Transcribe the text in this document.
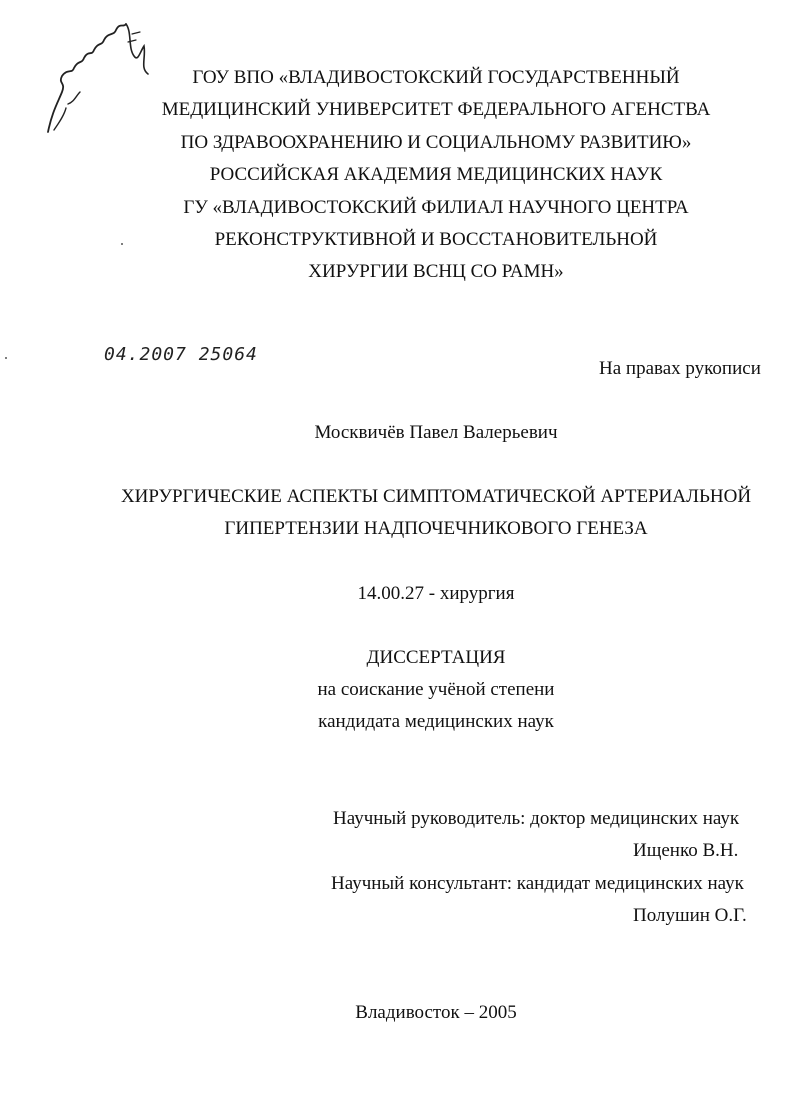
ГОУ ВПО «ВЛАДИВОСТОКСКИЙ ГОСУДАРСТВЕННЫЙ
МЕДИЦИНСКИЙ УНИВЕРСИТЕТ ФЕДЕРАЛЬНОГО АГЕНСТВА
ПО ЗДРАВООХРАНЕНИЮ И СОЦИАЛЬНОМУ РАЗВИТИЮ»
РОССИЙСКАЯ АКАДЕМИЯ МЕДИЦИНСКИХ НАУК
ГУ «ВЛАДИВОСТОКСКИЙ ФИЛИАЛ НАУЧНОГО ЦЕНТРА
РЕКОНСТРУКТИВНОЙ И ВОССТАНОВИТЕЛЬНОЙ
ХИРУРГИИ ВСНЦ СО РАМН»
04.2007 25064
На правах рукописи
Москвичёв Павел Валерьевич
ХИРУРГИЧЕСКИЕ АСПЕКТЫ СИМПТОМАТИЧЕСКОЙ АРТЕРИАЛЬНОЙ
ГИПЕРТЕНЗИИ НАДПОЧЕЧНИКОВОГО ГЕНЕЗА
14.00.27 - хирургия
ДИССЕРТАЦИЯ
на соискание учёной степени
кандидата медицинских наук
Научный руководитель: доктор медицинских наук
Ищенко В.Н.
Научный консультант: кандидат медицинских наук
Полушин О.Г.
Владивосток – 2005
